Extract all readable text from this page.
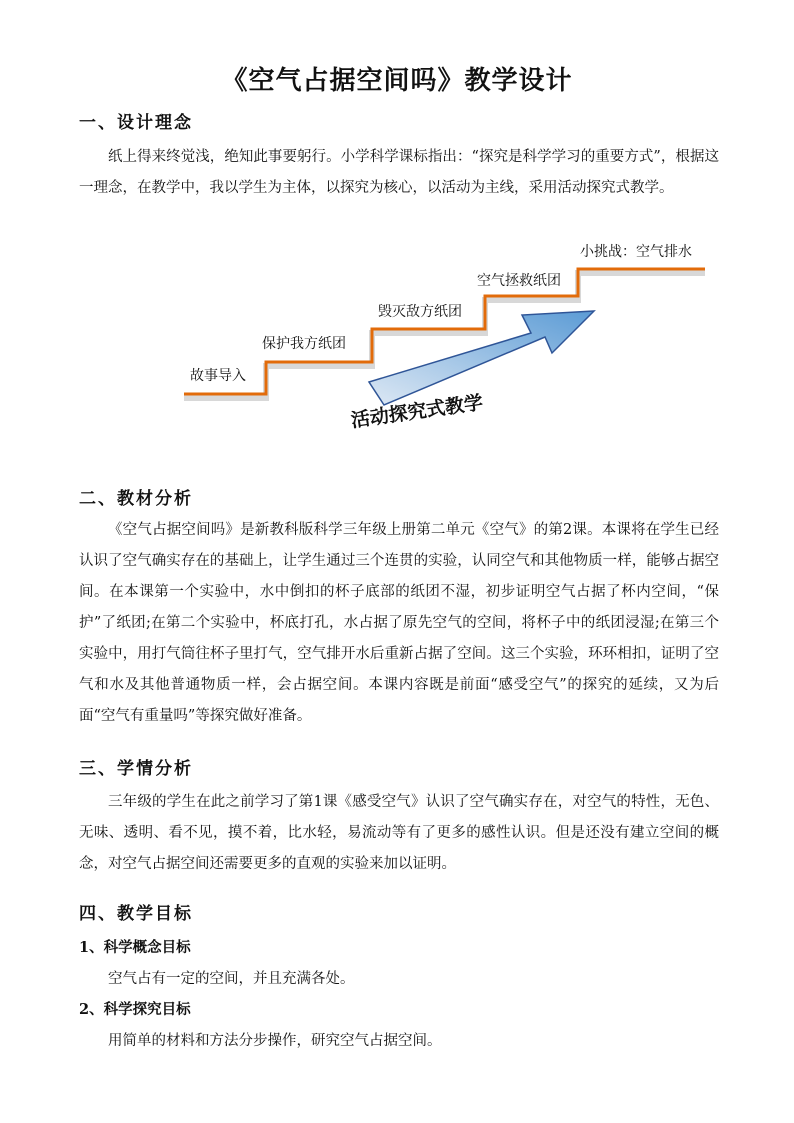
《空气占据空间吗》教学设计
一、设计理念
纸上得来终觉浅，绝知此事要躬行。小学科学课标指出：“探究是科学学习的重要方式”，根据这一理念，在教学中，我以学生为主体，以探究为核心，以活动为主线，采用活动探究式教学。
故事导入
保护我方纸团
毁灭敌方纸团
空气拯救纸团
小挑战：空气排水
活动探究式教学
二、教材分析
《空气占据空间吗》是新教科版科学三年级上册第二单元《空气》的第2课。本课将在学生已经认识了空气确实存在的基础上，让学生通过三个连贯的实验，认同空气和其他物质一样，能够占据空间。在本课第一个实验中，水中倒扣的杯子底部的纸团不湿，初步证明空气占据了杯内空间，“保护”了纸团;在第二个实验中，杯底打孔，水占据了原先空气的空间，将杯子中的纸团浸湿;在第三个实验中，用打气筒往杯子里打气，空气排开水后重新占据了空间。这三个实验，环环相扣，证明了空气和水及其他普通物质一样，会占据空间。本课内容既是前面“感受空气”的探究的延续，又为后面“空气有重量吗”等探究做好准备。
三、学情分析
三年级的学生在此之前学习了第1课《感受空气》认识了空气确实存在，对空气的特性，无色、无味、透明、看不见，摸不着，比水轻，易流动等有了更多的感性认识。但是还没有建立空间的概念，对空气占据空间还需要更多的直观的实验来加以证明。
四、教学目标
1、科学概念目标
空气占有一定的空间，并且充满各处。
2、科学探究目标
用简单的材料和方法分步操作，研究空气占据空间。
